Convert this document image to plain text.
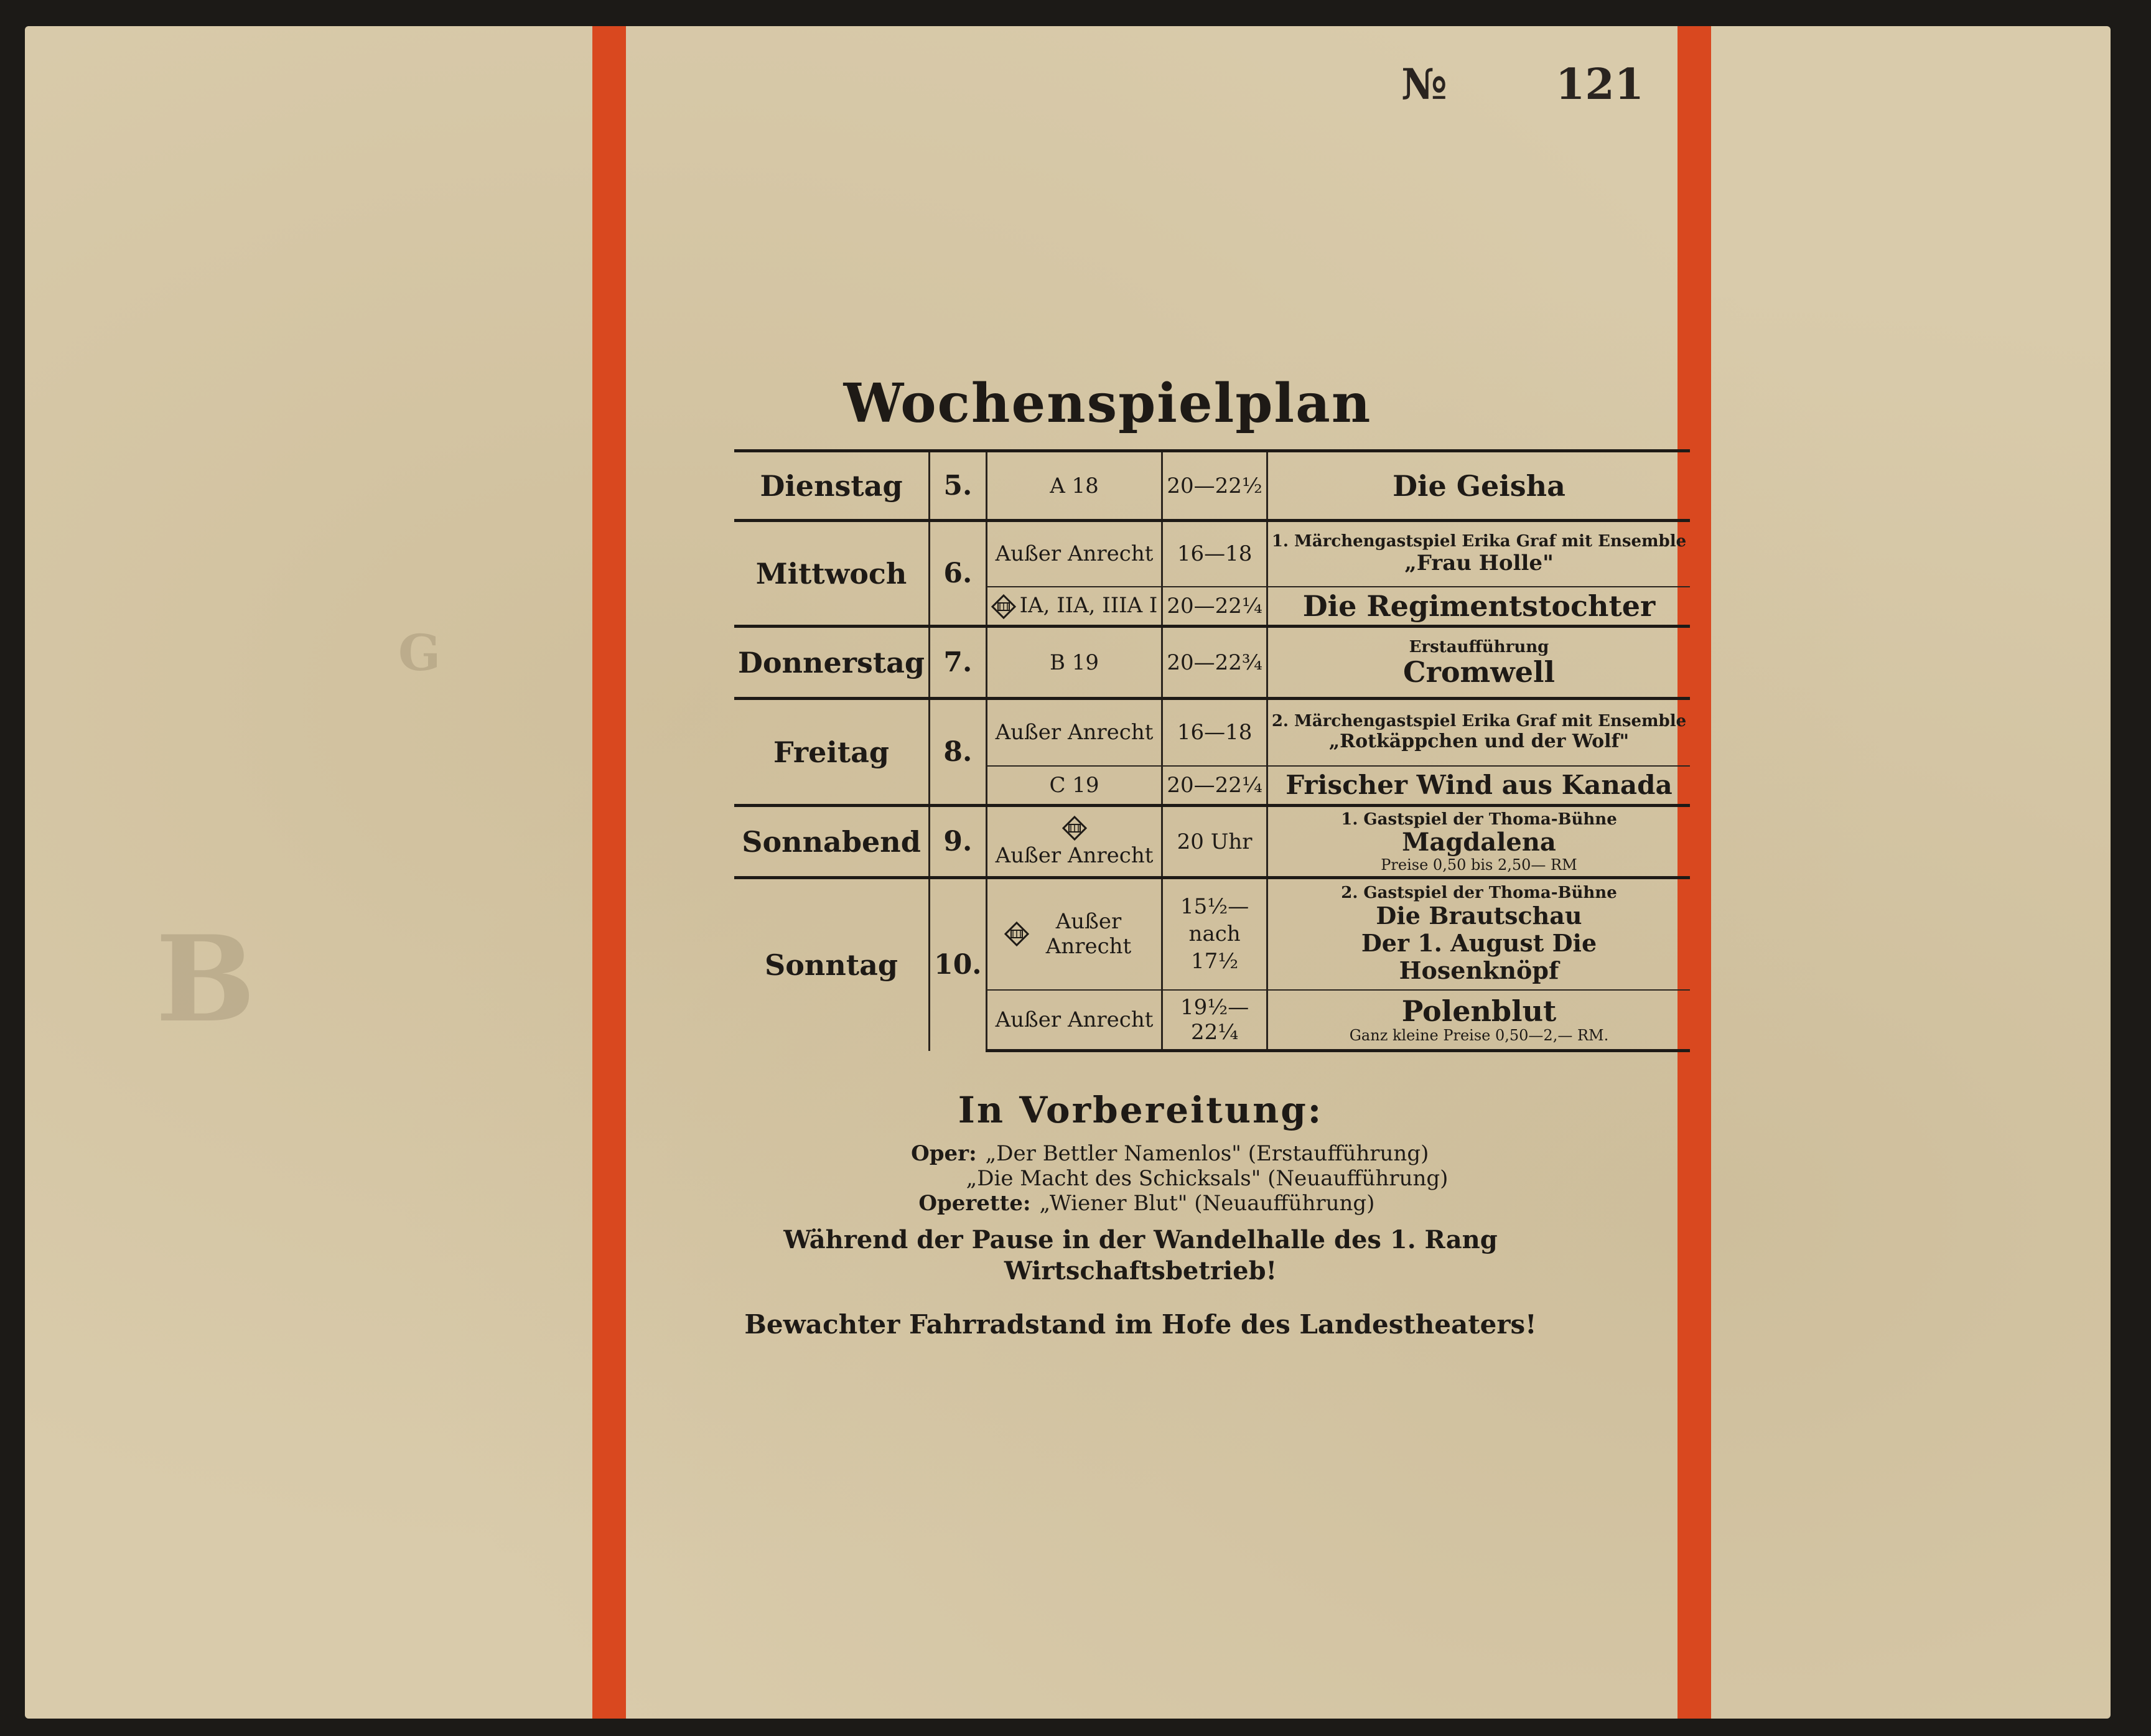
B
G
№	121
Wochenspielplan
Dienstag	5.	A 18	20—22½	Die Geisha

Mittwoch	6.	Außer Anrecht	16—18	1. Märchengastspiel Erika Graf mit Ensemble
„Frau Holle"

		IA, IIA, IIIA I	20—22¼	Die Regimentstochter

Donnerstag	7.	B 19	20—22¾	Erstaufführung
Cromwell

Freitag	8.	Außer Anrecht	16—18	2. Märchengastspiel Erika Graf mit Ensemble
„Rotkäppchen und der Wolf"

		C 19	20—22¼	Frischer Wind aus Kanada

Sonnabend	9.	Außer Anrecht	20 Uhr	1. Gastspiel der Thoma-Bühne
Magdalena
Preise 0,50 bis 2,50— RM

Sonntag	10.	Außer Anrecht	15½— nach 17½	2. Gastspiel der Thoma-Bühne
Die Brautschau Der 1. August Die Hosenknöpf

		Außer Anrecht	19½— 22¼	Polenblut
Ganz kleine Preise 0,50—2,— RM.
In Vorbereitung:
Oper: „Der Bettler Namenlos" (Erstaufführung)
„Die Macht des Schicksals" (Neuaufführung)
Operette: „Wiener Blut" (Neuaufführung)
Während der Pause in der Wandelhalle des 1. Rang
Wirtschaftsbetrieb!
Bewachter Fahrradstand im Hofe des Landestheaters!
